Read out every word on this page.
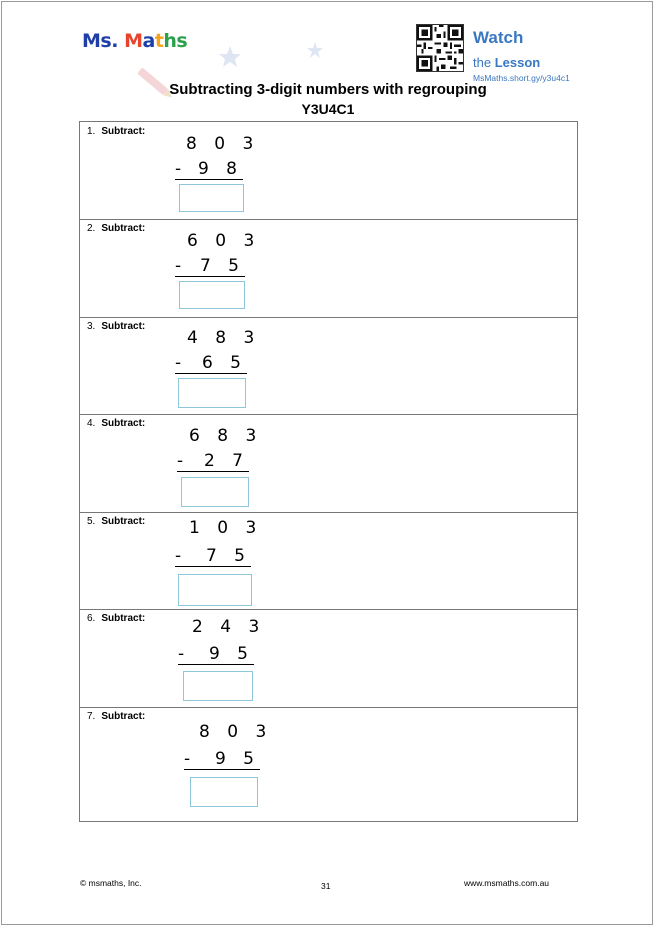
Ms. Maths	Watch
the Lesson
MsMaths.short.gy/y3u4c1
Subtracting 3-digit numbers with regrouping
Y3U4C1
1. Subtract:
8 0 3

-

9 8

2. Subtract:
6 0 3

-

7 5

3. Subtract:
4 8 3

-

6 5

4. Subtract:
6 8 3

-

2 7

5. Subtract:	1 0 3

-

7 5

6. Subtract:	2 4 3

-

9 5

7. Subtract:
8 0 3

-

9 5

© msmaths, Inc.	31	www.msmaths.com.au
